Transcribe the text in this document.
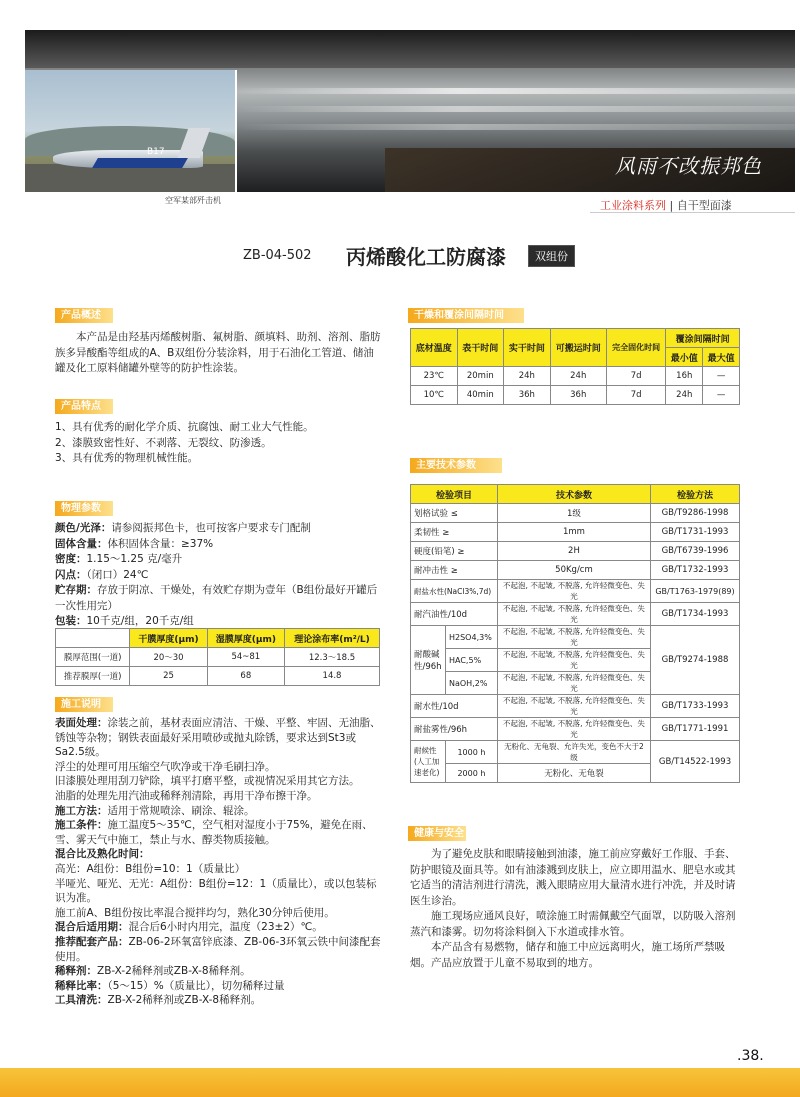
B17
空军某部歼击机
风雨不改振邦色
工业涂料系列 | 自干型面漆
ZB-04-502 丙烯酸化工防腐漆	双组份
产品概述
本产品是由羟基丙烯酸树脂、氟树脂、颜填料、助剂、溶剂、脂肪族多异酸酯等组成的A、B双组份分装涂料，用于石油化工管道、储油罐及化工原料储罐外壁等的防护性涂装。
产品特点

1、具有优秀的耐化学介质、抗腐蚀、耐工业大气性能。

2、漆膜致密性好、不剥落、无裂纹、防渗透。

3、具有优秀的物理机械性能。

物理参数

颜色/光泽：请参阅振邦色卡，也可按客户要求专门配制

固体含量：体积固体含量：≥37%

密度：1.15～1.25 克/毫升

闪点：（闭口）24℃

贮存期：存放于阴凉、干燥处，有效贮存期为壹年（B组份最好开罐后一次性用完）

包装：10千克/组，20千克/组

	干膜厚度(μm)	湿膜厚度(μm)	理论涂布率(m²/L)
膜厚范围(一道)	20～30	54~81	12.3～18.5
推荐膜厚(一道)	25	68	14.8
施工说明

表面处理：涂装之前，基材表面应清洁、干燥、平整、牢固、无油脂、锈蚀等杂物；钢铁表面最好采用喷砂或抛丸除锈，要求达到St3或Sa2.5级。

浮尘的处理可用压缩空气吹净或干净毛刷扫净。

旧漆膜处理用刮刀铲除，填平打磨平整，或视情况采用其它方法。

油脂的处理先用汽油或稀释剂清除，再用干净布擦干净。

施工方法：适用于常规喷涂、刷涂、辊涂。

施工条件：施工温度5～35℃，空气相对湿度小于75%，避免在雨、雪、雾天气中施工，禁止与水、醇类物质接触。

混合比及熟化时间：

高光：A组份：B组份=10：1（质量比）

半哑光、哑光、无光：A组份：B组份=12：1（质量比），或以包装标识为准。

施工前A、B组份按比率混合搅拌均匀，熟化30分钟后使用。

混合后适用期：混合后6小时内用完，温度（23±2）℃。

推荐配套产品：ZB-06-2环氧富锌底漆、ZB-06-3环氧云铁中间漆配套使用。

稀释剂：ZB-X-2稀释剂或ZB-X-8稀释剂。

稀释比率：（5～15）%（质量比），切勿稀释过量

工具清洗：ZB-X-2稀释剂或ZB-X-8稀释剂。

干燥和覆涂间隔时间
底材温度	表干时间	实干时间	可搬运时间	完全固化时间	覆涂间隔时间	
					最小值	最大值
23℃	20min	24h	24h	7d	16h	—
10℃	40min	36h	36h	7d	24h	—
主要技术参数
检验项目		技术参数	检验方法
划格试验 ≤		1级	GB/T9286-1998
柔韧性 ≥		1mm	GB/T1731-1993
硬度(铅笔) ≥		2H	GB/T6739-1996
耐冲击性 ≥		50Kg/cm	GB/T1732-1993
耐盐水性(NaCl3%,7d)		不起泡, 不起皱, 不脱落, 允许轻微变色、失光	GB/T1763-1979(89)
耐汽油性/10d		不起泡, 不起皱, 不脱落, 允许轻微变色、失光	GB/T1734-1993
耐酸碱性/96h	H2SO4,3%	不起泡, 不起皱, 不脱落, 允许轻微变色、失光	GB/T9274-1988
	HAC,5%	不起泡, 不起皱, 不脱落, 允许轻微变色、失光	
	NaOH,2%	不起泡, 不起皱, 不脱落, 允许轻微变色、失光	
耐水性/10d		不起泡, 不起皱, 不脱落, 允许轻微变色、失光	GB/T1733-1993
耐盐雾性/96h		不起泡, 不起皱, 不脱落, 允许轻微变色、失光	GB/T1771-1991
耐候性(人工加速老化)	1000 h	无粉化、无龟裂、允许失光，变色不大于2级	GB/T14522-1993
	2000 h	无粉化、无龟裂	
健康与安全

为了避免皮肤和眼睛接触到油漆，施工前应穿戴好工作服、手套、防护眼镜及面具等。如有油漆溅到皮肤上，应立即用温水、肥皂水或其它适当的清洁剂进行清洗，溅入眼睛应用大量清水进行冲洗，并及时请医生诊治。

施工现场应通风良好，喷涂施工时需佩戴空气面罩，以防吸入溶剂蒸汽和漆雾。切勿将涂料倒入下水道或排水管。

本产品含有易燃物，储存和施工中应远离明火，施工场所严禁吸烟。产品应放置于儿童不易取到的地方。

.38.
